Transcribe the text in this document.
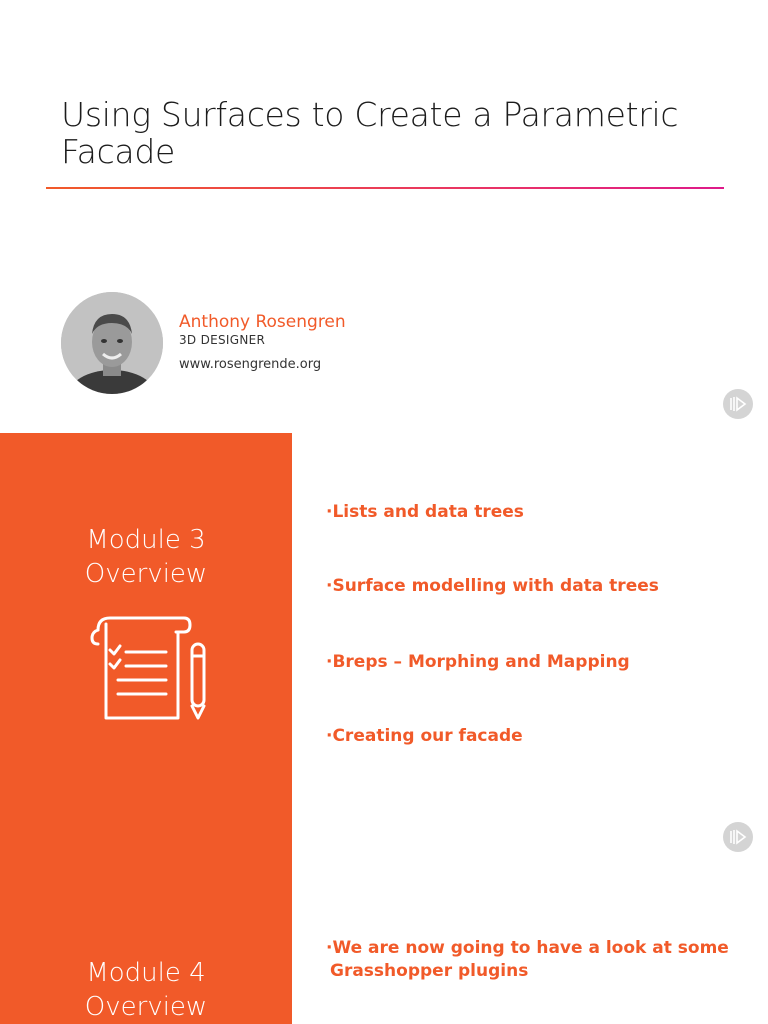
Using Surfaces to Create a Parametric Facade
Anthony Rosengren
3D DESIGNER
www.rosengrende.org
Module 3
Overview
·Lists and data trees
·Surface modelling with data trees
·Breps – Morphing and Mapping
·Creating our facade
·We are now going to have a look at some
Grasshopper plugins
Module 4
Overview
